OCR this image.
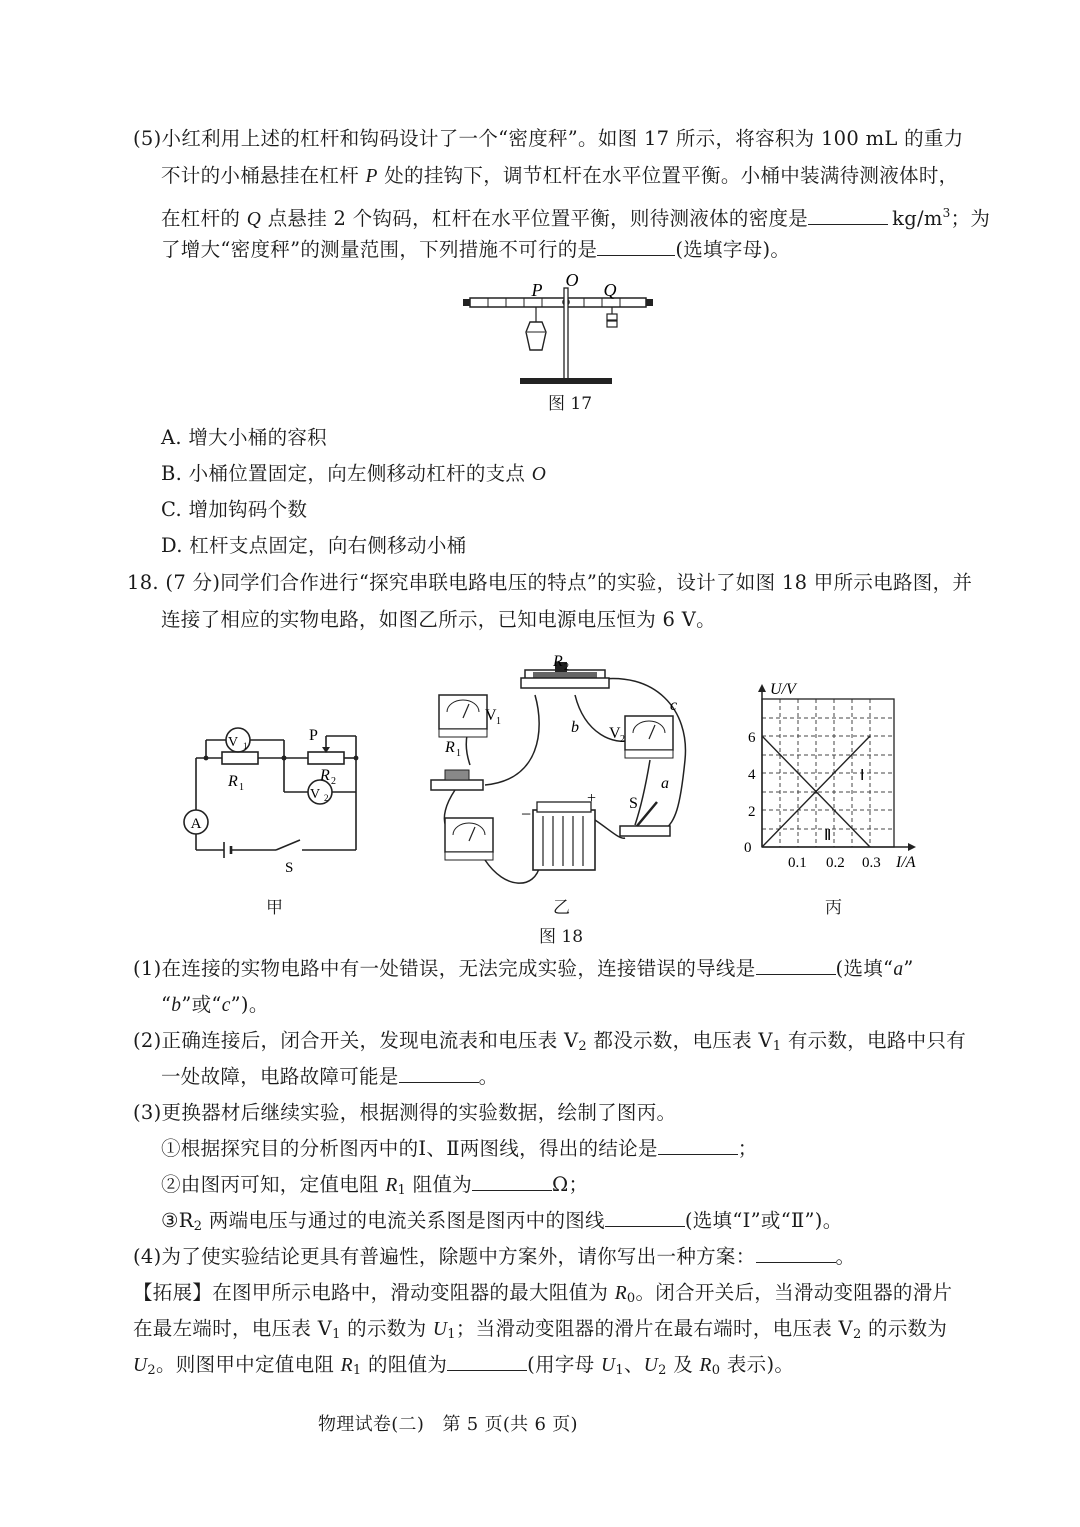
(5)小红利用上述的杠杆和钩码设计了一个“密度秤”。如图 17 所示，将容积为 100 mL 的重力
不计的小桶悬挂在杠杆 P 处的挂钩下，调节杠杆在水平位置平衡。小桶中装满待测液体时，
在杠杆的 Q 点悬挂 2 个钩码，杠杆在水平位置平衡，则待测液体的密度是	$kg/m^3$；为
了增大“密度秤”的测量范围，下列措施不可行的是	(选填字母)。
P O Q
图 17
A. 增大小桶的容积
B. 小桶位置固定，向左侧移动杠杆的支点 O
C. 增加钩码个数
D. 杠杆支点固定，向右侧移动小桶
18. (7 分)同学们合作进行“探究串联电路电压的特点”的实验，设计了如图 18 甲所示电路图，并
连接了相应的实物电路，如图乙所示，已知电源电压恒为 6 V。
V 1
V 2
A
R 1
R 2
P
S
甲
R 2
V 1
R 1
b
c
V 2
a
S
−
+
乙
U/V
I/A
0
2
4
6
0.1 0.2 0.3
Ⅰ
Ⅱ
丙
图 18
(1)在连接的实物电路中有一处错误，无法完成实验，连接错误的导线是	(选填“a”
“b”或“c”)。
(2)正确连接后，闭合开关，发现电流表和电压表 $V_2$ 都没示数，电压表 $V_1$ 有示数，电路中只有
一处故障，电路故障可能是	。
(3)更换器材后继续实验，根据测得的实验数据，绘制了图丙。
①根据探究目的分析图丙中的Ⅰ、Ⅱ两图线，得出的结论是	；
②由图丙可知，定值电阻 $R_1$ 阻值为	Ω；
$③R_2$ 两端电压与通过的电流关系图是图丙中的图线	(选填“Ⅰ”或“Ⅱ”)。
(4)为了使实验结论更具有普遍性，除题中方案外，请你写出一种方案：	。
【拓展】在图甲所示电路中，滑动变阻器的最大阻值为 $R_0$。闭合开关后，当滑动变阻器的滑片
在最左端时，电压表 $V_1$ 的示数为 $U_1$；当滑动变阻器的滑片在最右端时，电压表 $V_2$ 的示数为
$U_2$。则图甲中定值电阻 $R_1$ 的阻值为	(用字母 $U_1$、$U_2$ 及 $R_0$ 表示)。
物理试卷(二)　第 5 页(共 6 页)
